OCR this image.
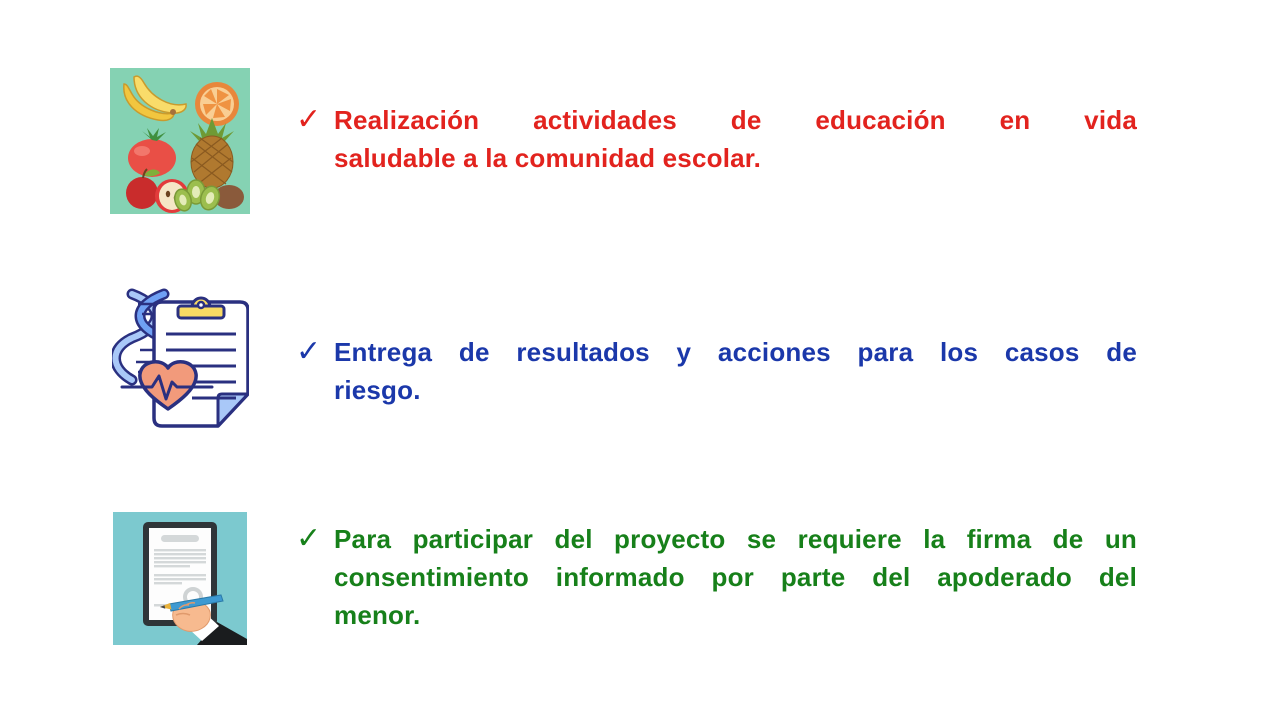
✓ Realización actividades de educación en vida
saludable a la comunidad escolar.
✓ Entrega de resultados y acciones para los casos de
riesgo.
✓ Para participar del proyecto se requiere la firma de un
consentimiento informado por parte del apoderado del
menor.
